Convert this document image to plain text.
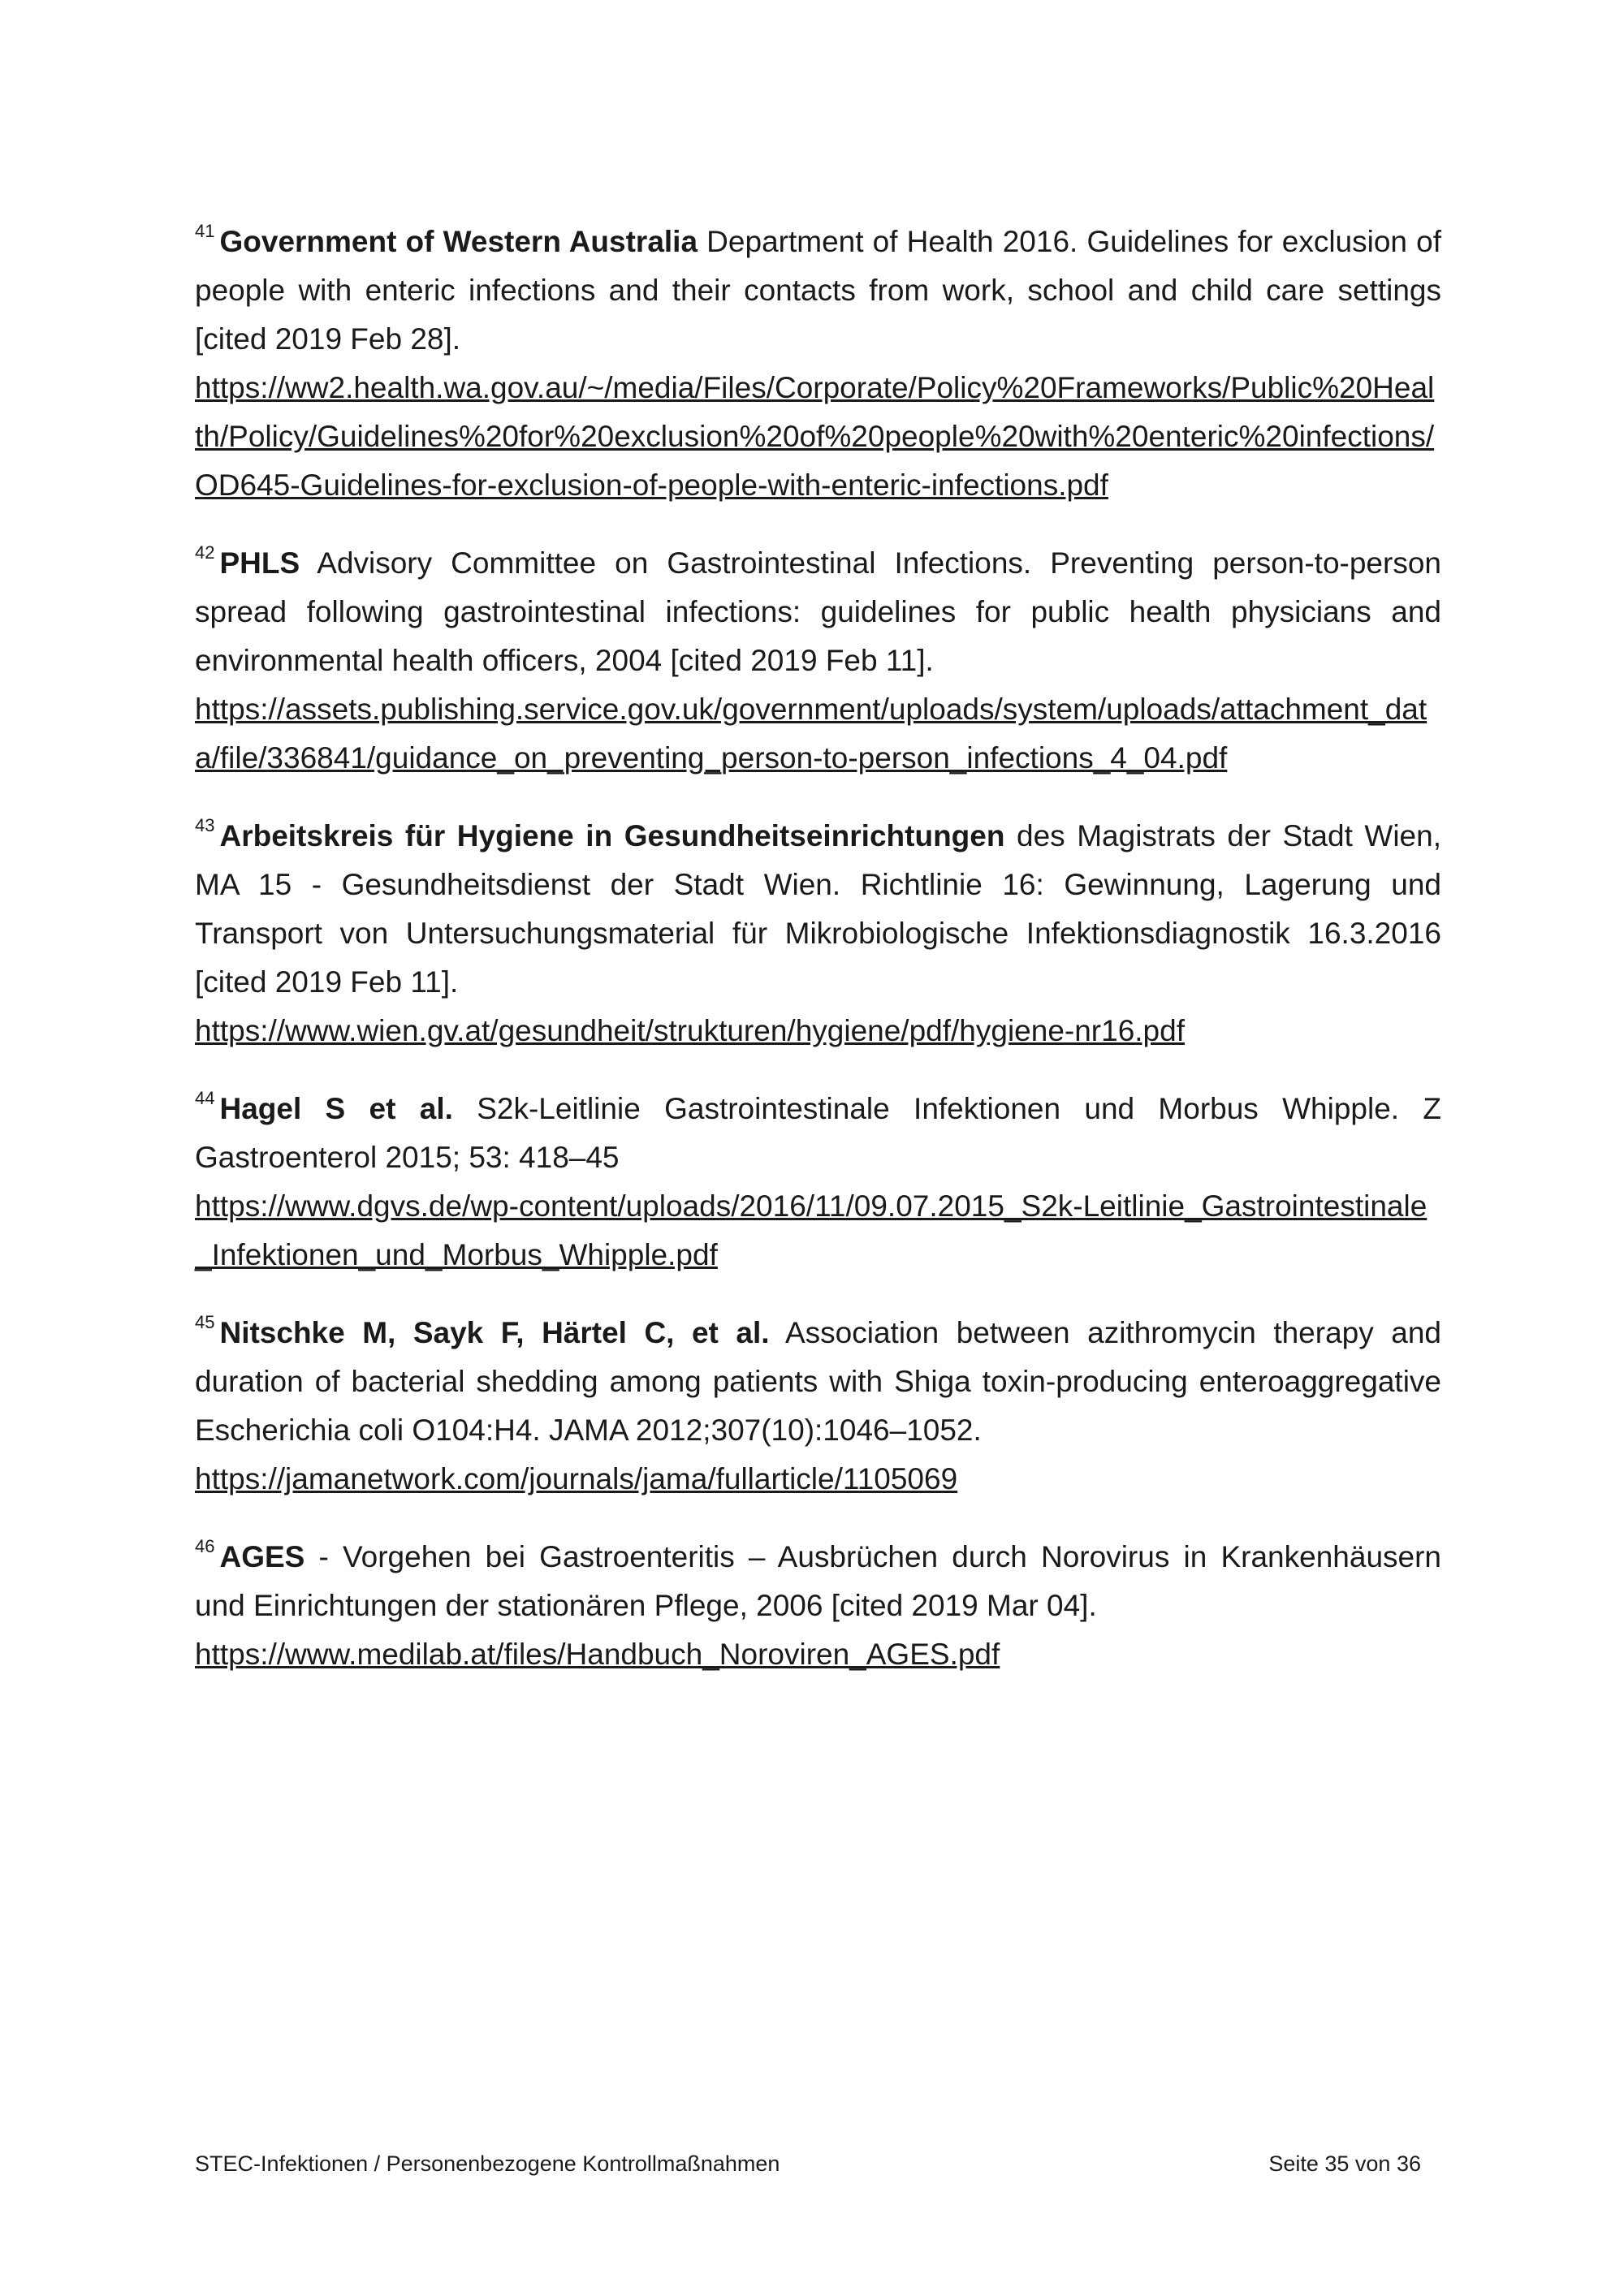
$^{41}$ Government of Western Australia Department of Health 2016. Guidelines for exclusion of people with enteric infections and their contacts from work, school and child care settings [cited 2019 Feb 28].
https://ww2.health.wa.gov.au/~/media/Files/Corporate/Policy%20Frameworks/Public%20Health/Policy/Guidelines%20for%20exclusion%20of%20people%20with%20enteric%20infections/OD645-Guidelines-for-exclusion-of-people-with-enteric-infections.pdf

$^{42}$ PHLS Advisory Committee on Gastrointestinal Infections. Preventing person-to-person spread following gastrointestinal infections: guidelines for public health physicians and environmental health officers, 2004 [cited 2019 Feb 11].
https://assets.publishing.service.gov.uk/government/uploads/system/uploads/attachment_data/file/336841/guidance_on_preventing_person-to-person_infections_4_04.pdf

$^{43}$ Arbeitskreis für Hygiene in Gesundheitseinrichtungen des Magistrats der Stadt Wien, MA 15 - Gesundheitsdienst der Stadt Wien. Richtlinie 16: Gewinnung, Lagerung und Transport von Untersuchungsmaterial für Mikrobiologische Infektionsdiagnostik 16.3.2016 [cited 2019 Feb 11].
https://www.wien.gv.at/gesundheit/strukturen/hygiene/pdf/hygiene-nr16.pdf

$^{44}$ Hagel S et al. S2k-Leitlinie Gastrointestinale Infektionen und Morbus Whipple. Z Gastroenterol 2015; 53: 418–45
https://www.dgvs.de/wp-content/uploads/2016/11/09.07.2015_S2k-Leitlinie_Gastrointestinale_Infektionen_und_Morbus_Whipple.pdf

$^{45}$ Nitschke M, Sayk F, Härtel C, et al. Association between azithromycin therapy and duration of bacterial shedding among patients with Shiga toxin-producing enteroaggregative Escherichia coli O104:H4. JAMA 2012;307(10):1046–1052.
https://jamanetwork.com/journals/jama/fullarticle/1105069

$^{46}$ AGES - Vorgehen bei Gastroenteritis – Ausbrüchen durch Norovirus in Krankenhäusern und Einrichtungen der stationären Pflege, 2006 [cited 2019 Mar 04].
https://www.medilab.at/files/Handbuch_Noroviren_AGES.pdf

STEC-Infektionen / Personenbezogene Kontrollmaßnahmen	Seite 35 von 36
